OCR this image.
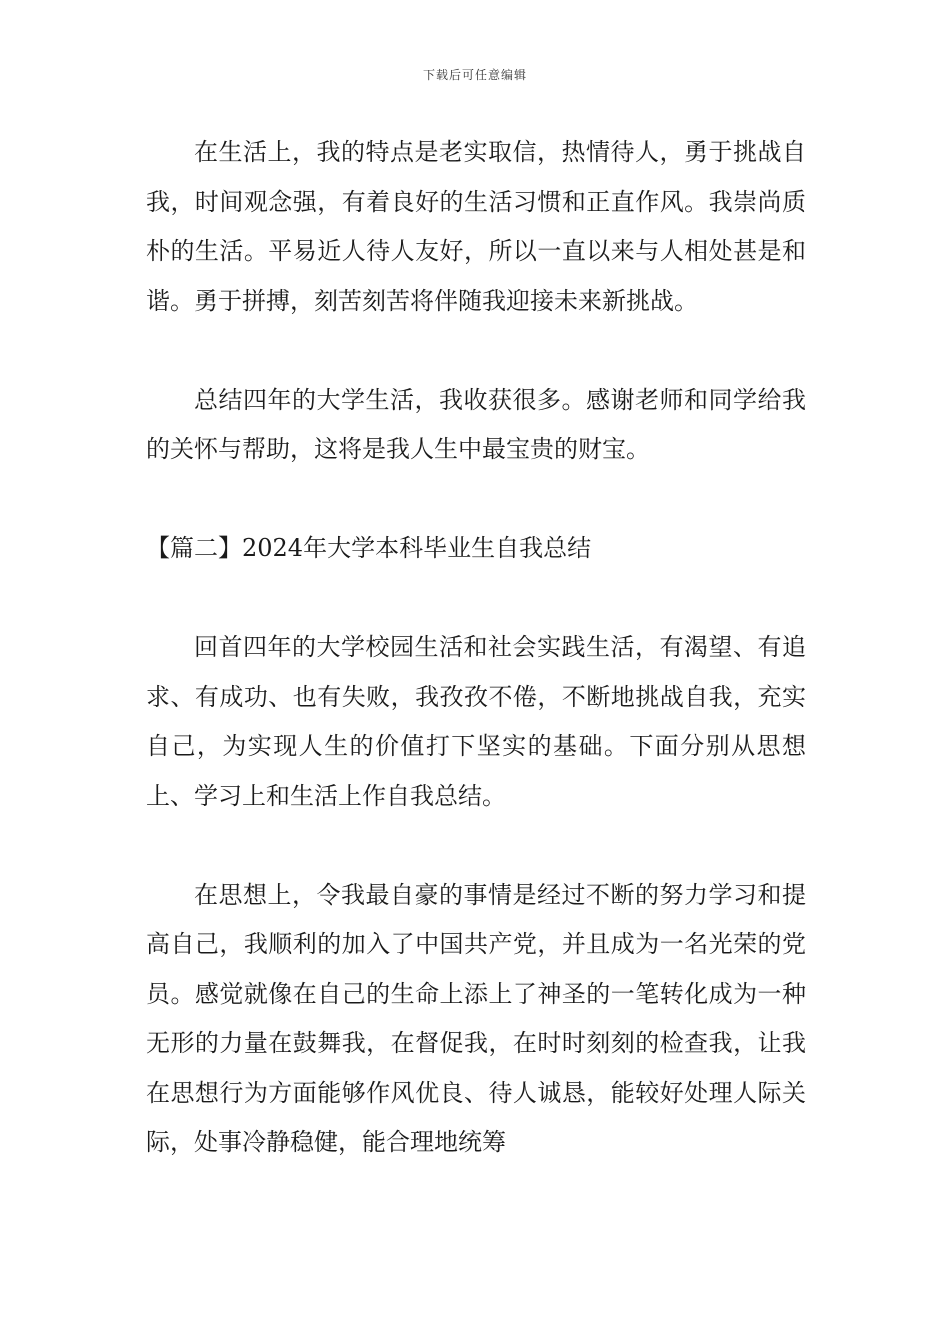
下载后可任意编辑

在生活上，我的特点是老实取信，热情待人，勇于挑战自我，时间观念强，有着良好的生活习惯和正直作风。我崇尚质朴的生活。平易近人待人友好，所以一直以来与人相处甚是和谐。勇于拼搏，刻苦刻苦将伴随我迎接未来新挑战。

总结四年的大学生活，我收获很多。感谢老师和同学给我的关怀与帮助，这将是我人生中最宝贵的财宝。

【篇二】2024年大学本科毕业生自我总结

回首四年的大学校园生活和社会实践生活，有渴望、有追求、有成功、也有失败，我孜孜不倦，不断地挑战自我，充实自己，为实现人生的价值打下坚实的基础。下面分别从思想上、学习上和生活上作自我总结。

在思想上，令我最自豪的事情是经过不断的努力学习和提高自己，我顺利的加入了中国共产党，并且成为一名光荣的党员。感觉就像在自己的生命上添上了神圣的一笔转化成为一种无形的力量在鼓舞我，在督促我，在时时刻刻的检查我，让我在思想行为方面能够作风优良、待人诚恳，能较好处理人际关际，处事冷静稳健，能合理地统筹
